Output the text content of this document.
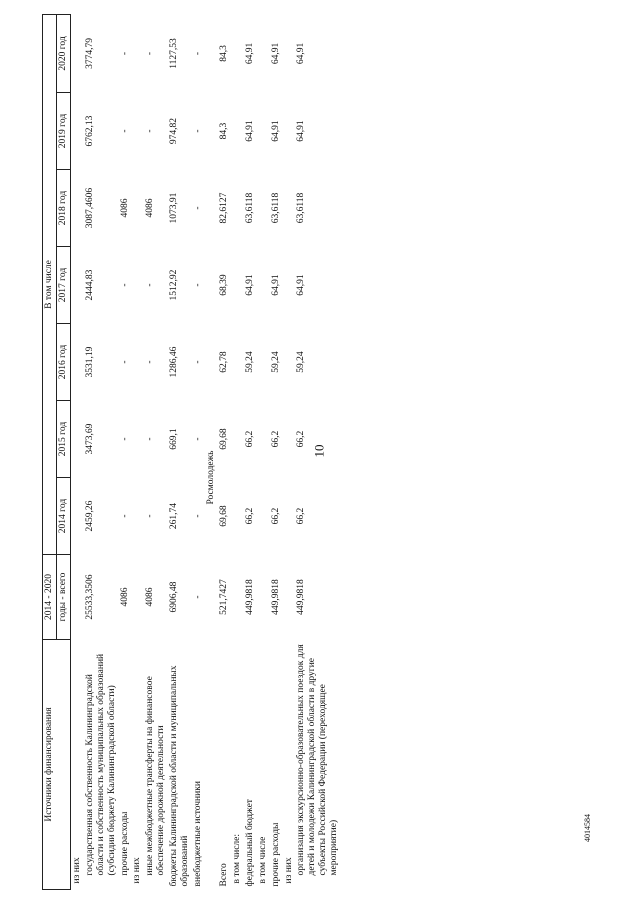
10
Источники финансирования	2014 - 2020	В том числе						
	годы - всего	2014 год	2015 год	2016 год	2017 год	2018 год	2019 год	2020 год
из них								
государственная собственность Калининградской области и собственность муниципальных образований (субсидии бюджету Калининградской области)	25533,3506	2459,26	3473,69	3531,19	2444,83	3087,4606	6762,13	3774,79
прочие расходы	4086	-	-	-	-	4086	-	-
из них								
иные межбюджетные трансферты на финансовое обеспечение дорожной деятельности	4086	-	-	-	-	4086	-	-
бюджеты Калининградской области и муниципальных образований	6906,48	261,74	669,1	1286,46	1512,92	1073,91	974,82	1127,53
внебюджетные источники	-	-	-	-	-	-	-	-
		Росмолодежь						
Всего	521,7427	69,68	69,68	62,78	68,39	82,6127	84,3	84,3
в том числе:								
федеральный бюджет	449,9818	66,2	66,2	59,24	64,91	63,6118	64,91	64,91
в том числе								
прочие расходы	449,9818	66,2	66,2	59,24	64,91	63,6118	64,91	64,91
из них								
организация экскурсионно-образовательных поездок для детей и молодежи Калининградской области в другие субъекты Российской Федерации (переходящее мероприятие)	449,9818	66,2	66,2	59,24	64,91	63,6118	64,91	64,91
4014584
